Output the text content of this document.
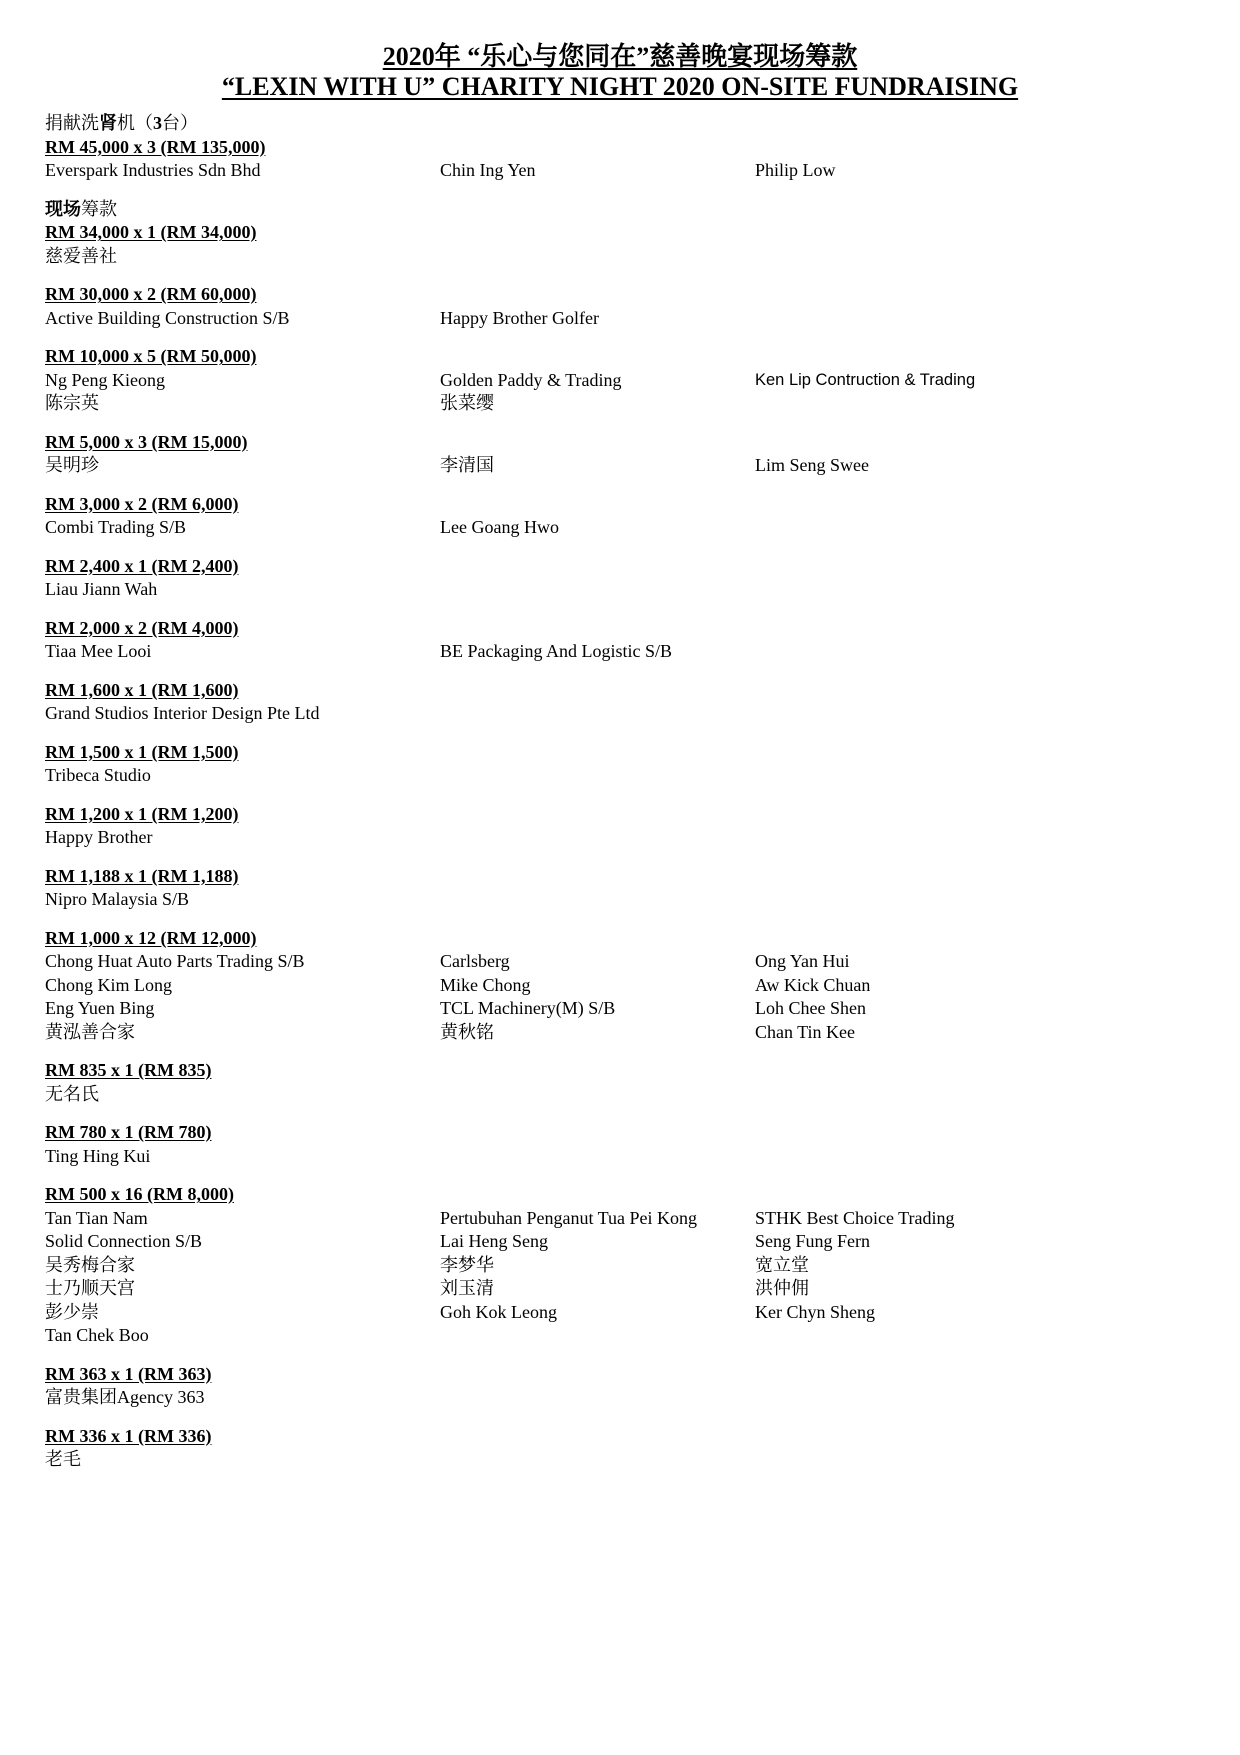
2020年 “乐心与您同在”慈善晚宴现场筹款
“LEXIN WITH U” CHARITY NIGHT 2020 ON-SITE FUNDRAISING
捐献洗肾机（3台）
RM 45,000 x 3 (RM 135,000)
Everspark Industries Sdn Bhd	Chin Ing Yen	Philip Low
现场筹款
RM 34,000 x 1 (RM 34,000)
慈爱善社
RM 30,000 x 2 (RM 60,000)
Active Building Construction S/B	Happy Brother Golfer
RM 10,000 x 5 (RM 50,000)
Ng Peng Kieong	Golden Paddy & Trading	Ken Lip Contruction & Trading
陈宗英	张菜缨
RM 5,000 x 3 (RM 15,000)
吴明珍	李清国	Lim Seng Swee
RM 3,000 x 2 (RM 6,000)
Combi Trading S/B	Lee Goang Hwo
RM 2,400 x 1 (RM 2,400)
Liau Jiann Wah
RM 2,000 x 2 (RM 4,000)
Tiaa Mee Looi	BE Packaging And Logistic S/B
RM 1,600 x 1 (RM 1,600)
Grand Studios Interior Design Pte Ltd
RM 1,500 x 1 (RM 1,500)
Tribeca Studio
RM 1,200 x 1 (RM 1,200)
Happy Brother
RM 1,188 x 1 (RM 1,188)
Nipro Malaysia S/B
RM 1,000 x 12 (RM 12,000)
Chong Huat Auto Parts Trading S/B	Carlsberg	Ong Yan Hui
Chong Kim Long	Mike Chong	Aw Kick Chuan
Eng Yuen Bing	TCL Machinery(M) S/B	Loh Chee Shen
黄泓善合家	黄秋铭	Chan Tin Kee
RM 835 x 1 (RM 835)
无名氏
RM 780 x 1 (RM 780)
Ting Hing Kui
RM 500 x 16 (RM 8,000)
Tan Tian Nam	Pertubuhan Penganut Tua Pei Kong	STHK Best Choice Trading
Solid Connection S/B	Lai Heng Seng	Seng Fung Fern
吴秀梅合家	李梦华	宽立堂
士乃顺天宫	刘玉清	洪仲佣
彭少崇	Goh Kok Leong	Ker Chyn Sheng
Tan Chek Boo
RM 363 x 1 (RM 363)
富贵集团Agency 363
RM 336 x 1 (RM 336)
老毛
